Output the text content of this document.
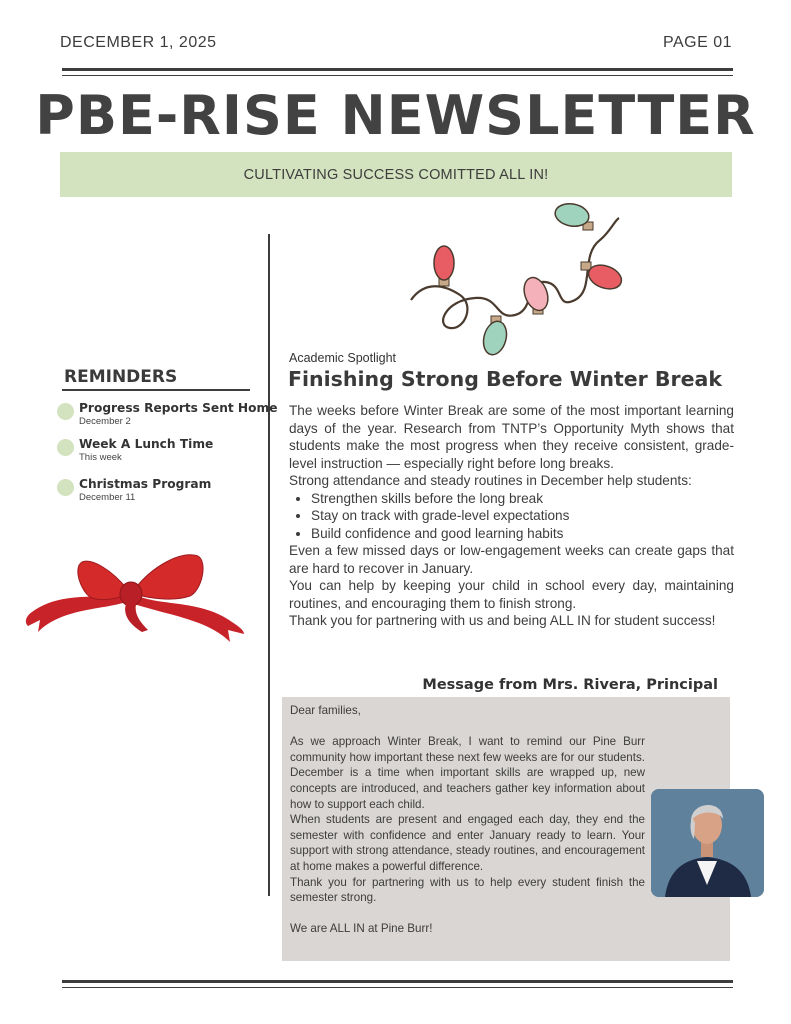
DECEMBER 1, 2025	PAGE 01
PBE-RISE NEWSLETTER
CULTIVATING SUCCESS COMITTED ALL IN!
REMINDERS
Progress Reports Sent Home
December 2
Week A Lunch Time
This week
Christmas Program
December 11
Academic Spotlight
Finishing Strong Before Winter Break

The weeks before Winter Break are some of the most important learning days of the year. Research from TNTP’s Opportunity Myth shows that students make the most progress when they receive consistent, grade-level instruction — especially right before long breaks.

Strong attendance and steady routines in December help students:

• Strengthen skills before the long break
• Stay on track with grade-level expectations
• Build confidence and good learning habits

Even a few missed days or low-engagement weeks can create gaps that are hard to recover in January.

You can help by keeping your child in school every day, maintaining routines, and encouraging them to finish strong.

Thank you for partnering with us and being ALL IN for student success!

Message from Mrs. Rivera, Principal

Dear families,

As we approach Winter Break, I want to remind our Pine Burr community how important these next few weeks are for our students. December is a time when important skills are wrapped up, new concepts are introduced, and teachers gather key information about how to support each child.

When students are present and engaged each day, they end the semester with confidence and enter January ready to learn. Your support with strong attendance, steady routines, and encouragement at home makes a powerful difference.

Thank you for partnering with us to help every student finish the semester strong.

We are ALL IN at Pine Burr!
